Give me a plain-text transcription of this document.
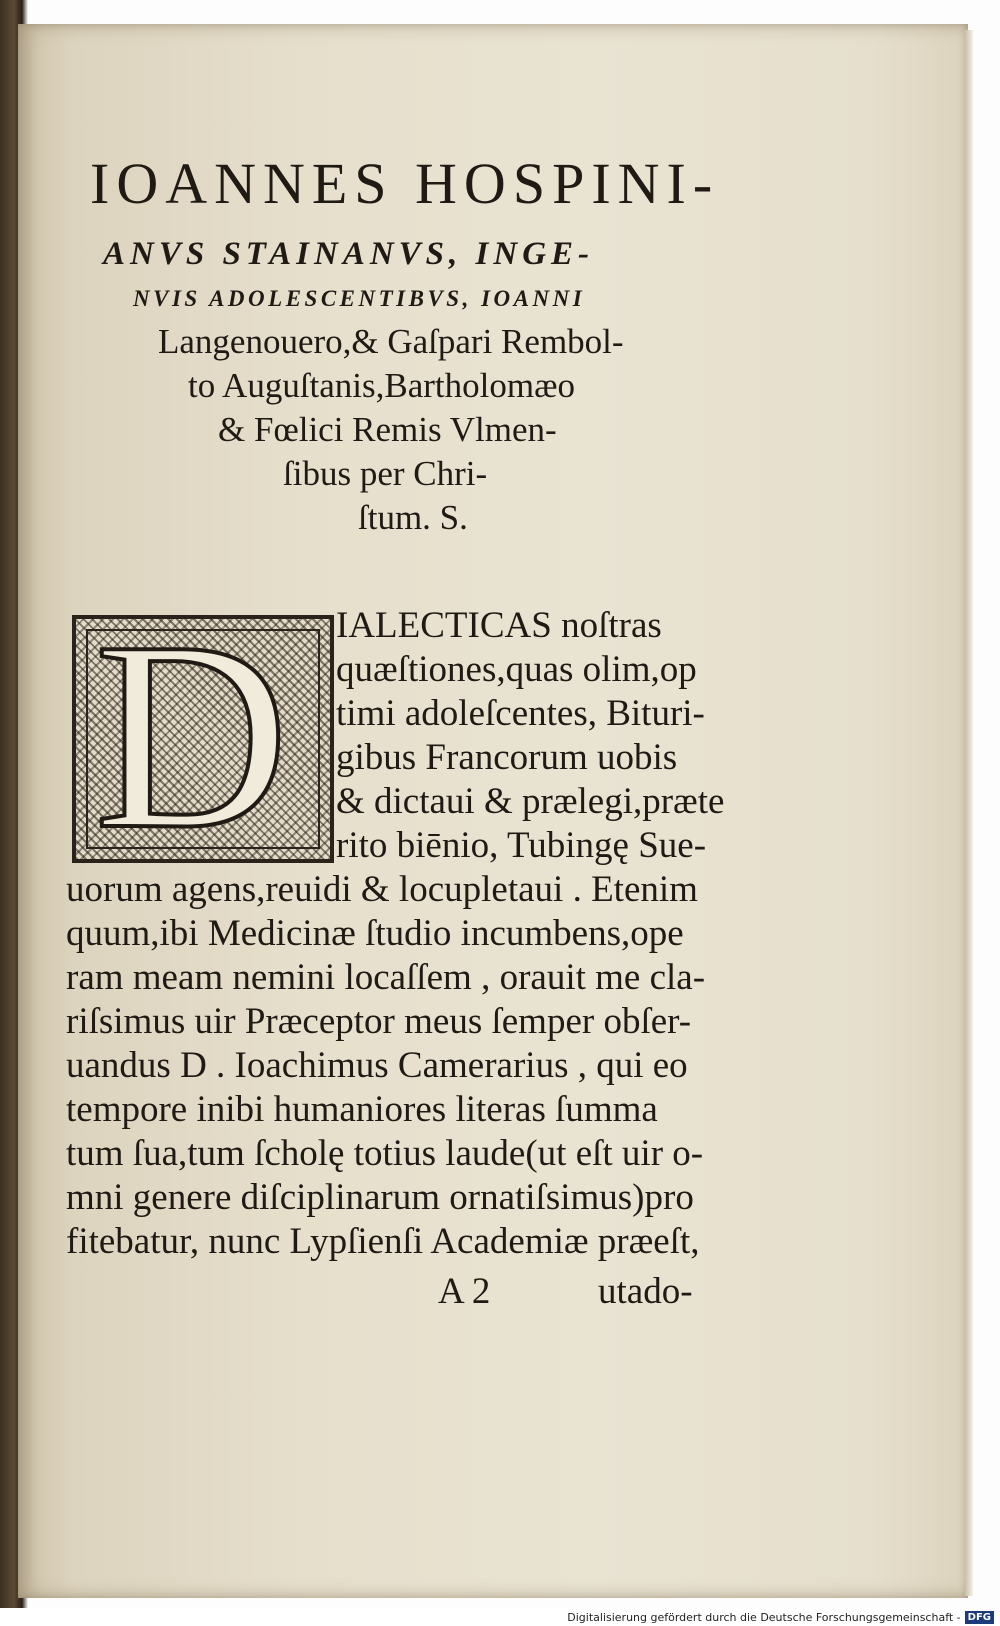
IOANNES HOSPINI-
ANVS STAINANVS, INGE-
NVIS ADOLESCENTIBVS, IOANNI
Langenouero,& Gaſpari Rembol-
to Auguſtanis,Bartholomæo
& Fœlici Remis Vlmen-
ſibus per Chri-
ſtum. S.
D IALECTICAS noſtras
quæſtiones,quas olim,op
timi adoleſcentes, Bituri-
gibus Francorum uobis
& dictaui & prælegi,præte
rito biēnio, Tubingę Sue-
uorum agens,reuidi & locupletaui . Etenim
quum,ibi Medicinæ ſtudio incumbens,ope
ram meam nemini locaſſem , orauit me cla-
riſsimus uir Præceptor meus ſemper obſer-
uandus D . Ioachimus Camerarius , qui eo
tempore inibi humaniores literas ſumma
tum ſua,tum ſcholę totius laude(ut eſt uir o-
mni genere diſciplinarum ornatiſsimus)pro
fitebatur, nunc Lypſienſi Academiæ præeſt,
A 2	utado-
Digitalisierung gefördert durch die Deutsche Forschungsgemeinschaft - DFG
